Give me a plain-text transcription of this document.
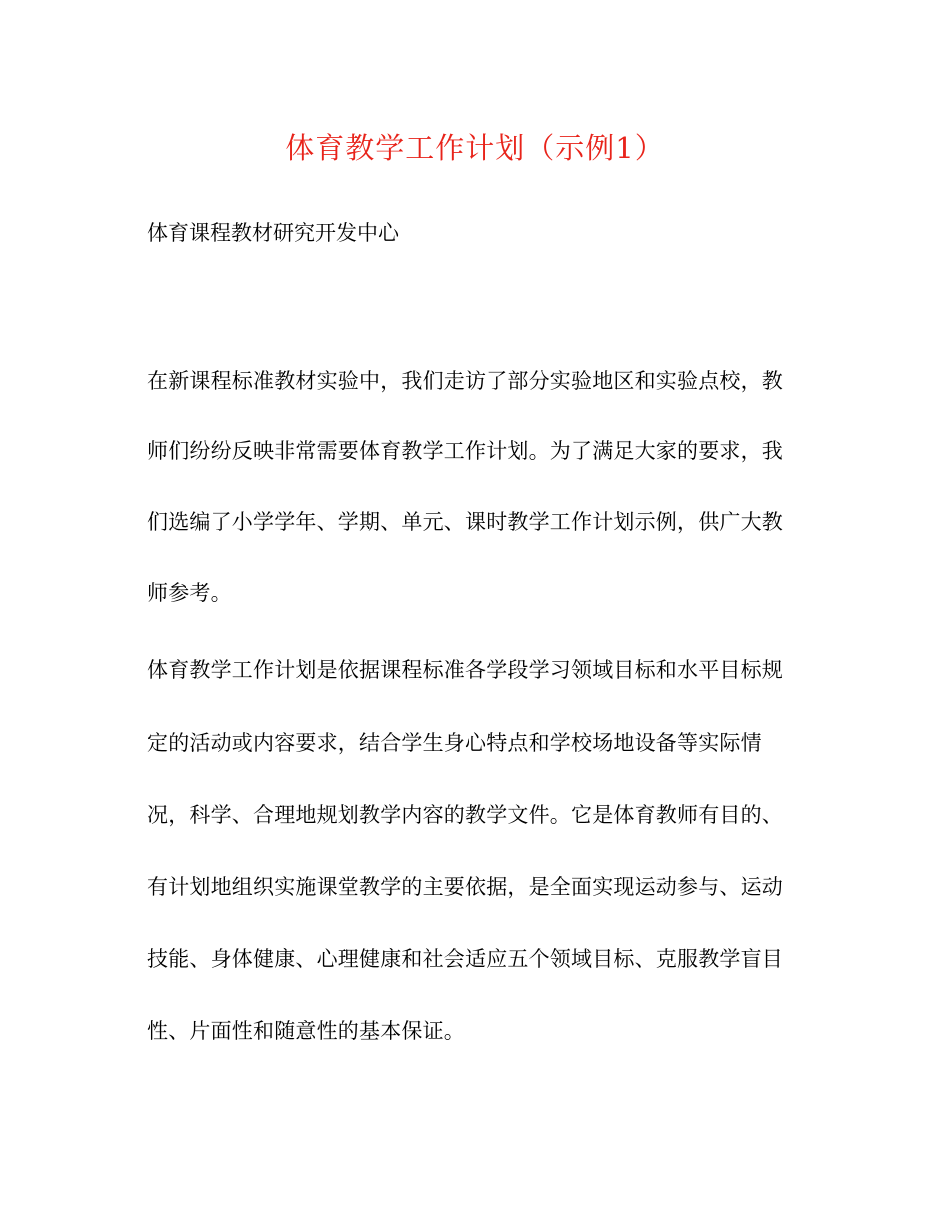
体育教学工作计划（示例1）
体育课程教材研究开发中心
在新课程标准教材实验中，我们走访了部分实验地区和实验点校，教
师们纷纷反映非常需要体育教学工作计划。为了满足大家的要求，我
们选编了小学学年、学期、单元、课时教学工作计划示例，供广大教
师参考。
体育教学工作计划是依据课程标准各学段学习领域目标和水平目标规
定的活动或内容要求，结合学生身心特点和学校场地设备等实际情
况，科学、合理地规划教学内容的教学文件。它是体育教师有目的、
有计划地组织实施课堂教学的主要依据，是全面实现运动参与、运动
技能、身体健康、心理健康和社会适应五个领域目标、克服教学盲目
性、片面性和随意性的基本保证。
